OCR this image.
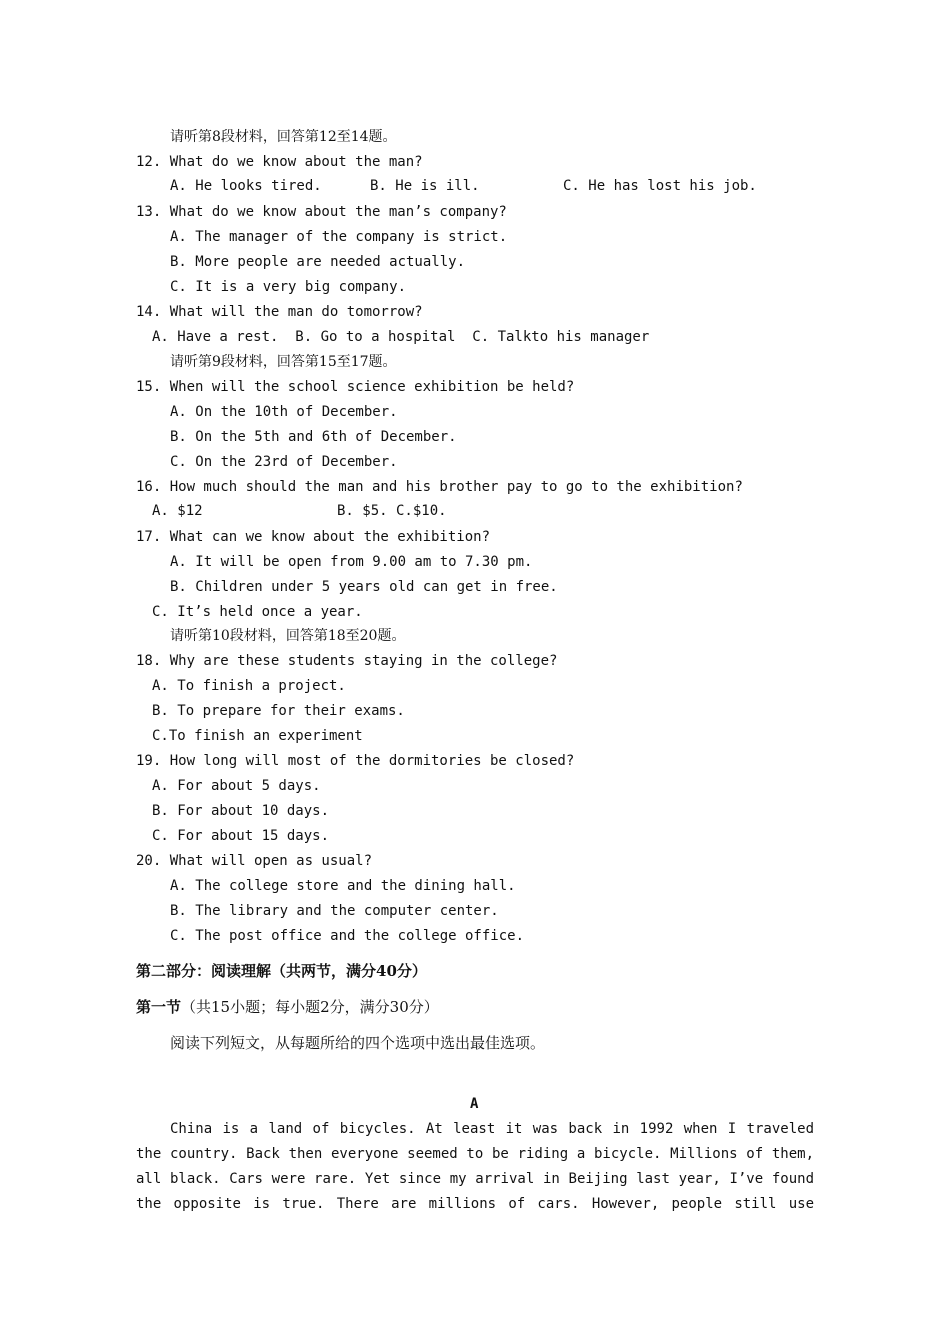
请听第8段材料，回答第12至14题。
12. What do we know about the man?
A. He looks tired.	B. He is ill.	C. He has lost his job.
13. What do we know about the man’s company?
A. The manager of the company is strict.
B. More people are needed actually.
C. It is a very big company.
14. What will the man do tomorrow?
A. Have a rest.  B. Go to a hospital  C. Talkto his manager
请听第9段材料，回答第15至17题。
15. When will the school science exhibition be held?
A. On the 10th of December.
B. On the 5th and 6th of December.
C. On the 23rd of December.
16. How much should the man and his brother pay to go to the exhibition?
A. $12	B. $5. C.$10.
17. What can we know about the exhibition?
A. It will be open from 9.00 am to 7.30 pm.
B. Children under 5 years old can get in free.
C. It’s held once a year.
请听第10段材料，回答第18至20题。
18. Why are these students staying in the college?
A. To finish a project.
B. To prepare for their exams.
C.To finish an experiment
19. How long will most of the dormitories be closed?
A. For about 5 days.
B. For about 10 days.
C. For about 15 days.
20. What will open as usual?
A. The college store and the dining hall.
B. The library and the computer center.
C. The post office and the college office.
第二部分：阅读理解（共两节，满分40分）
第一节（共15小题；每小题2分，满分30分）
阅读下列短文，从每题所给的四个选项中选出最佳选项。
A
China is a land of bicycles. At least it was back in 1992 when I traveled
the country. Back then everyone seemed to be riding a bicycle. Millions of them,
all black. Cars were rare. Yet since my arrival in Beijing last year, I’ve found
the opposite is true. There are millions of cars. However, people still use
